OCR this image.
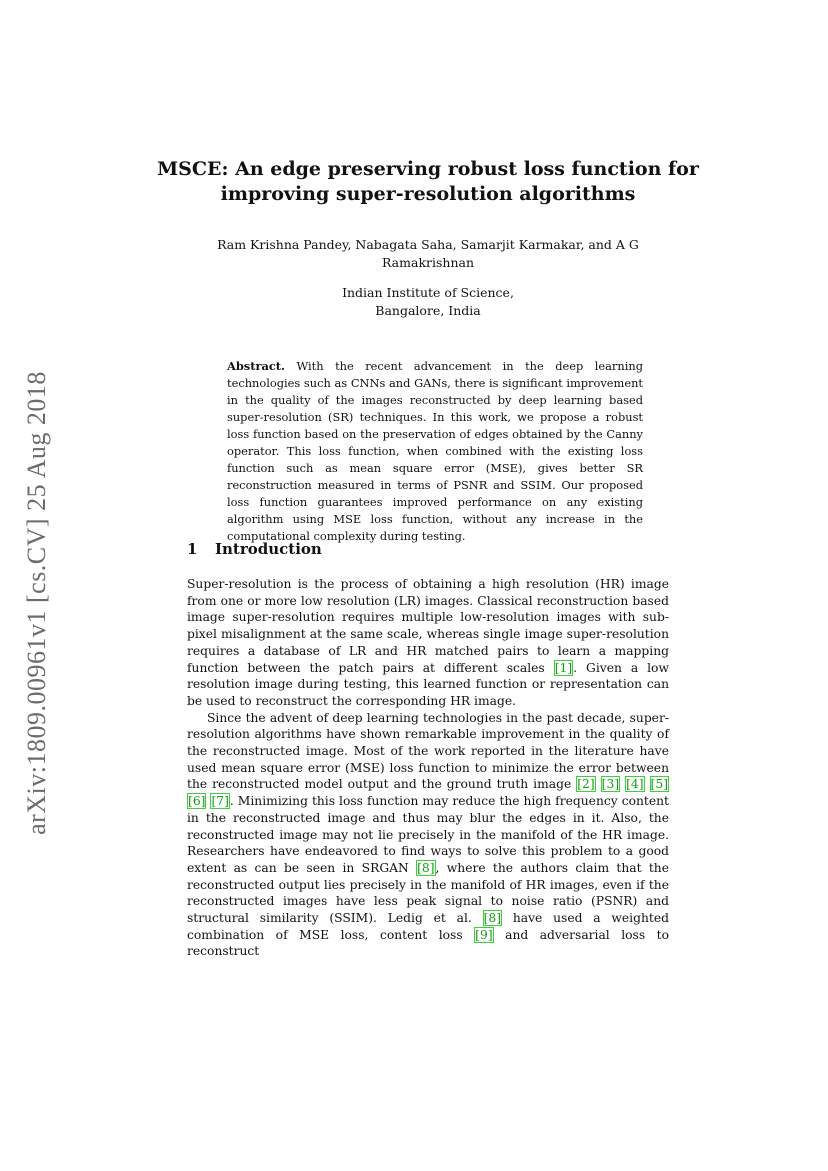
arXiv:1809.00961v1 [cs.CV] 25 Aug 2018
MSCE: An edge preserving robust loss function for improving super-resolution algorithms
Ram Krishna Pandey, Nabagata Saha, Samarjit Karmakar, and A G Ramakrishnan
Indian Institute of Science,
Bangalore, India
Abstract. With the recent advancement in the deep learning technologies such as CNNs and GANs, there is significant improvement in the quality of the images reconstructed by deep learning based super-resolution (SR) techniques. In this work, we propose a robust loss function based on the preservation of edges obtained by the Canny operator. This loss function, when combined with the existing loss function such as mean square error (MSE), gives better SR reconstruction measured in terms of PSNR and SSIM. Our proposed loss function guarantees improved performance on any existing algorithm using MSE loss function, without any increase in the computational complexity during testing.
1 Introduction

Super-resolution is the process of obtaining a high resolution (HR) image from one or more low resolution (LR) images. Classical reconstruction based image super-resolution requires multiple low-resolution images with sub-pixel misalignment at the same scale, whereas single image super-resolution requires a database of LR and HR matched pairs to learn a mapping function between the patch pairs at different scales [ 1 ] . Given a low resolution image during testing, this learned function or representation can be used to reconstruct the corresponding HR image.

Since the advent of deep learning technologies in the past decade, super-resolution algorithms have shown remarkable improvement in the quality of the reconstructed image. Most of the work reported in the literature have used mean square error (MSE) loss function to minimize the error between the reconstructed model output and the ground truth image [ 2 ] [ 3 ] [ 4 ] [ 5 ] [ 6 ] [ 7 ] . Minimizing this loss function may reduce the high frequency content in the reconstructed image and thus may blur the edges in it. Also, the reconstructed image may not lie precisely in the manifold of the HR image. Researchers have endeavored to find ways to solve this problem to a good extent as can be seen in SRGAN [ 8 ] , where the authors claim that the reconstructed output lies precisely in the manifold of HR images, even if the reconstructed images have less peak signal to noise ratio (PSNR) and structural similarity (SSIM). Ledig et al. [ 8 ] have used a weighted combination of MSE loss, content loss [ 9 ] and adversarial loss to reconstruct
